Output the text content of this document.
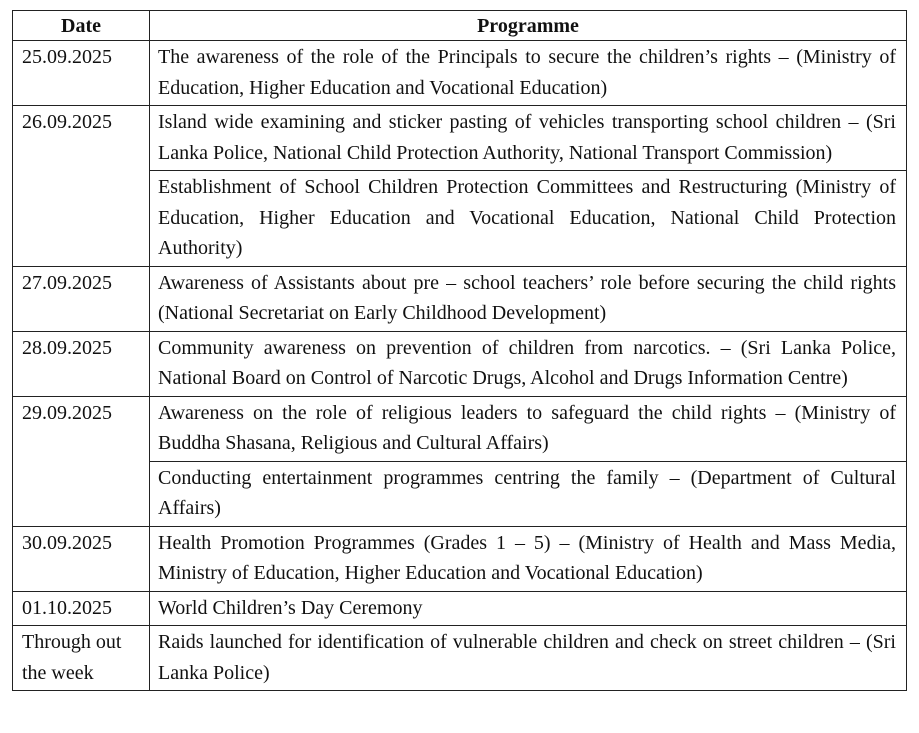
Date	Programme
25.09.2025	The awareness of the role of the Principals to secure the children’s rights – (Ministry of Education, Higher Education and Vocational Education)
26.09.2025	Island wide examining and sticker pasting of vehicles transporting school children – (Sri Lanka Police, National Child Protection Authority, National Transport Commission)
	Establishment of School Children Protection Committees and Restructuring (Ministry of Education, Higher Education and Vocational Education, National Child Protection Authority)
27.09.2025	Awareness of Assistants about pre – school teachers’ role before securing the child rights (National Secretariat on Early Childhood Development)
28.09.2025	Community awareness on prevention of children from narcotics. – (Sri Lanka Police, National Board on Control of Narcotic Drugs, Alcohol and Drugs Information Centre)
29.09.2025	Awareness on the role of religious leaders to safeguard the child rights – (Ministry of Buddha Shasana, Religious and Cultural Affairs)
	Conducting entertainment programmes centring the family – (Department of Cultural Affairs)
30.09.2025	Health Promotion Programmes (Grades 1 – 5) – (Ministry of Health and Mass Media, Ministry of Education, Higher Education and Vocational Education)
01.10.2025	World Children’s Day Ceremony
Through out the week	Raids launched for identification of vulnerable children and check on street children – (Sri Lanka Police)
